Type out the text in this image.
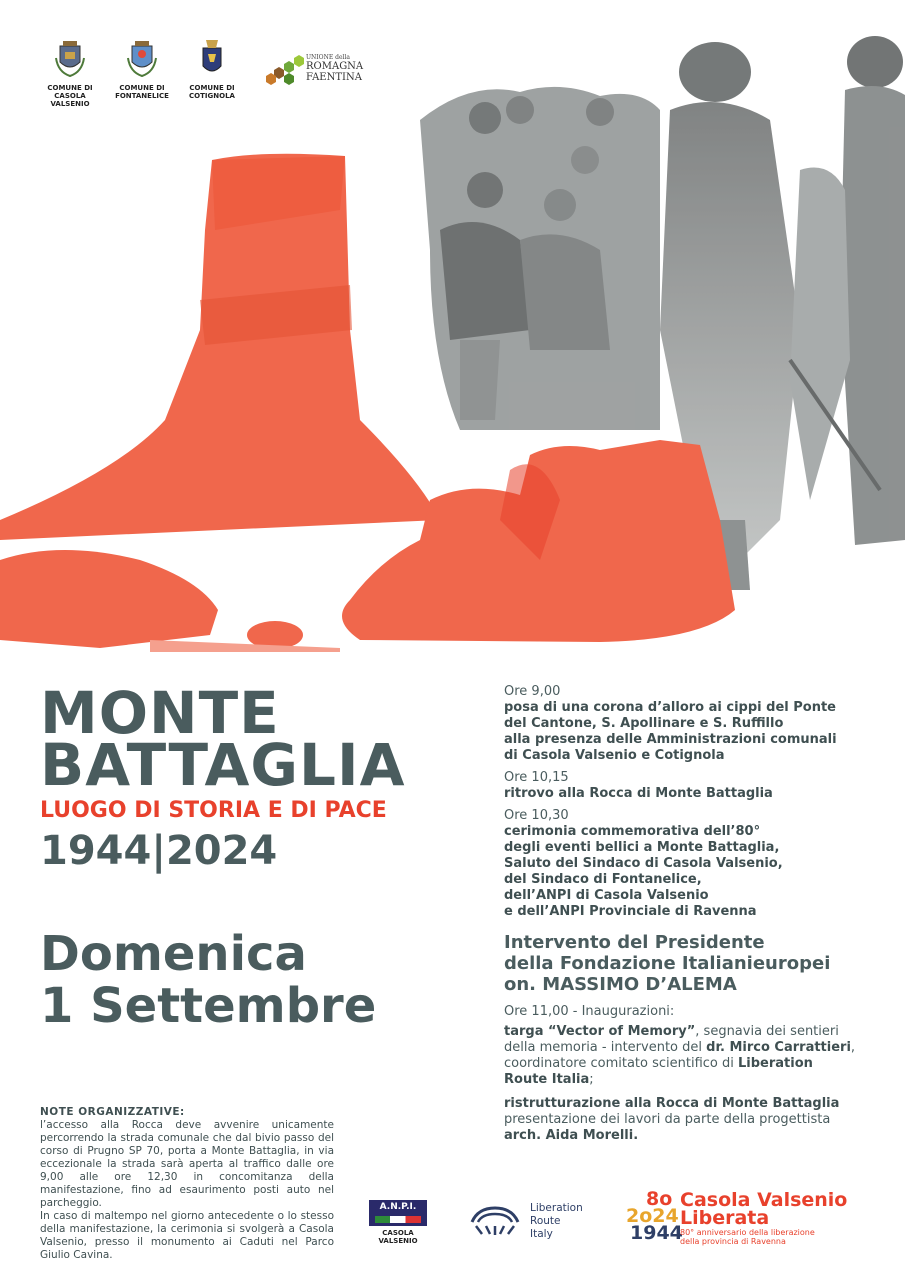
COMUNE DI
CASOLA VALSENIO
COMUNE DI
FONTANELICE
COMUNE DI
COTIGNOLA
UNIONE della
ROMAGNA
FAENTINA
MONTE
BATTAGLIA
LUOGO DI STORIA E DI PACE
1944|2024
Domenica
1 Settembre
Ore 9,00
posa di una corona d’alloro ai cippi del Ponte
del Cantone, S. Apollinare e S. Ruffillo
alla presenza delle Amministrazioni comunali
di Casola Valsenio e Cotignola
Ore 10,15
ritrovo alla Rocca di Monte Battaglia
Ore 10,30
cerimonia commemorativa dell’80°
degli eventi bellici a Monte Battaglia,
Saluto del Sindaco di Casola Valsenio,
del Sindaco di Fontanelice,
dell’ANPI di Casola Valsenio
e dell’ANPI Provinciale di Ravenna
Intervento del Presidente
della Fondazione Italianieuropei
on. MASSIMO D’ALEMA
Ore 11,00 - Inaugurazioni:
targa “Vector of Memory”, segnavia dei sentieri
della memoria - intervento del dr. Mirco Carrattieri,
coordinatore comitato scientifico di Liberation
Route Italia;
ristrutturazione alla Rocca di Monte Battaglia
presentazione dei lavori da parte della progettista
arch. Aida Morelli.
NOTE ORGANIZZATIVE:
l’accesso alla Rocca deve avvenire unicamente percorrendo la strada comunale che dal bivio passo del corso di Prugno SP 70, porta a Monte Battaglia, in via eccezionale la strada sarà aperta al traffico dalle ore 9,00 alle ore 12,30 in concomitanza della manifestazione, fino ad esaurimento posti auto nel parcheggio.
In caso di maltempo nel giorno antecedente o lo stesso della manifestazione, la cerimonia si svolgerà a Casola Valsenio, presso il monumento ai Caduti nel Parco Giulio Cavina.
A.N.P.I.
CASOLA VALSENIO
Liberation
Route
Italy
8o
2o24
1944
Casola Valsenio
Liberata
80° anniversario della liberazione
della provincia di Ravenna
